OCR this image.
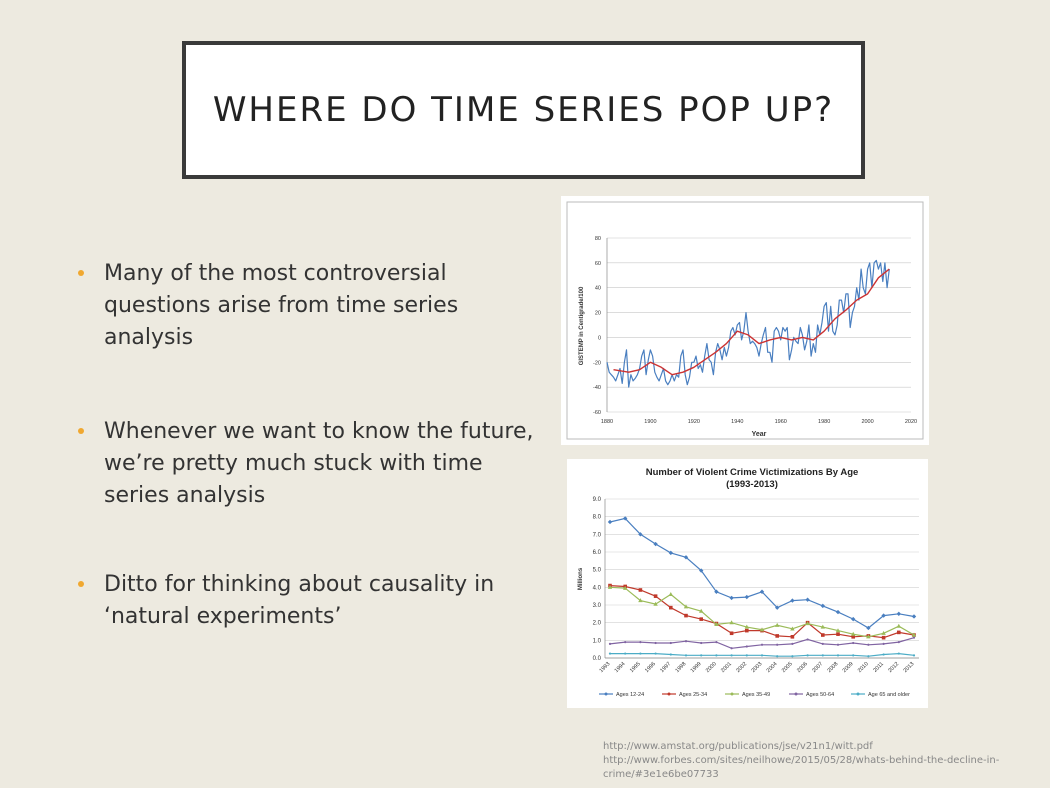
WHERE DO TIME SERIES POP UP?
Many of the most controversial questions arise from time series analysis
Whenever we want to know the future, we’re pretty much stuck with time series analysis
Ditto for thinking about causality in ‘natural experiments’
-60
-40
-20
0
20
40
60
80
1880	1900	1920	1940	1960	1980	2000	2020
GISTEMP in Centigrade/100
Year
Number of Violent Crime Victimizations By Age
(1993-2013)
0.0
1.0
2.0
3.0
4.0
5.0
6.0
7.0
8.0
9.0
1993 1994 1995 1996 1997 1998 1999 2000 2001 2002 2003 2004 2005 2006 2007 2008 2009 2010 2011 2012 2013
Ages 12-24	Ages 25-34	Ages 35-49	Ages 50-64	Age 65 and older
Millions
http://www.amstat.org/publications/jse/v21n1/witt.pdf
http://www.forbes.com/sites/neilhowe/2015/05/28/whats-behind-the-decline-in-
crime/#3e1e6be07733
